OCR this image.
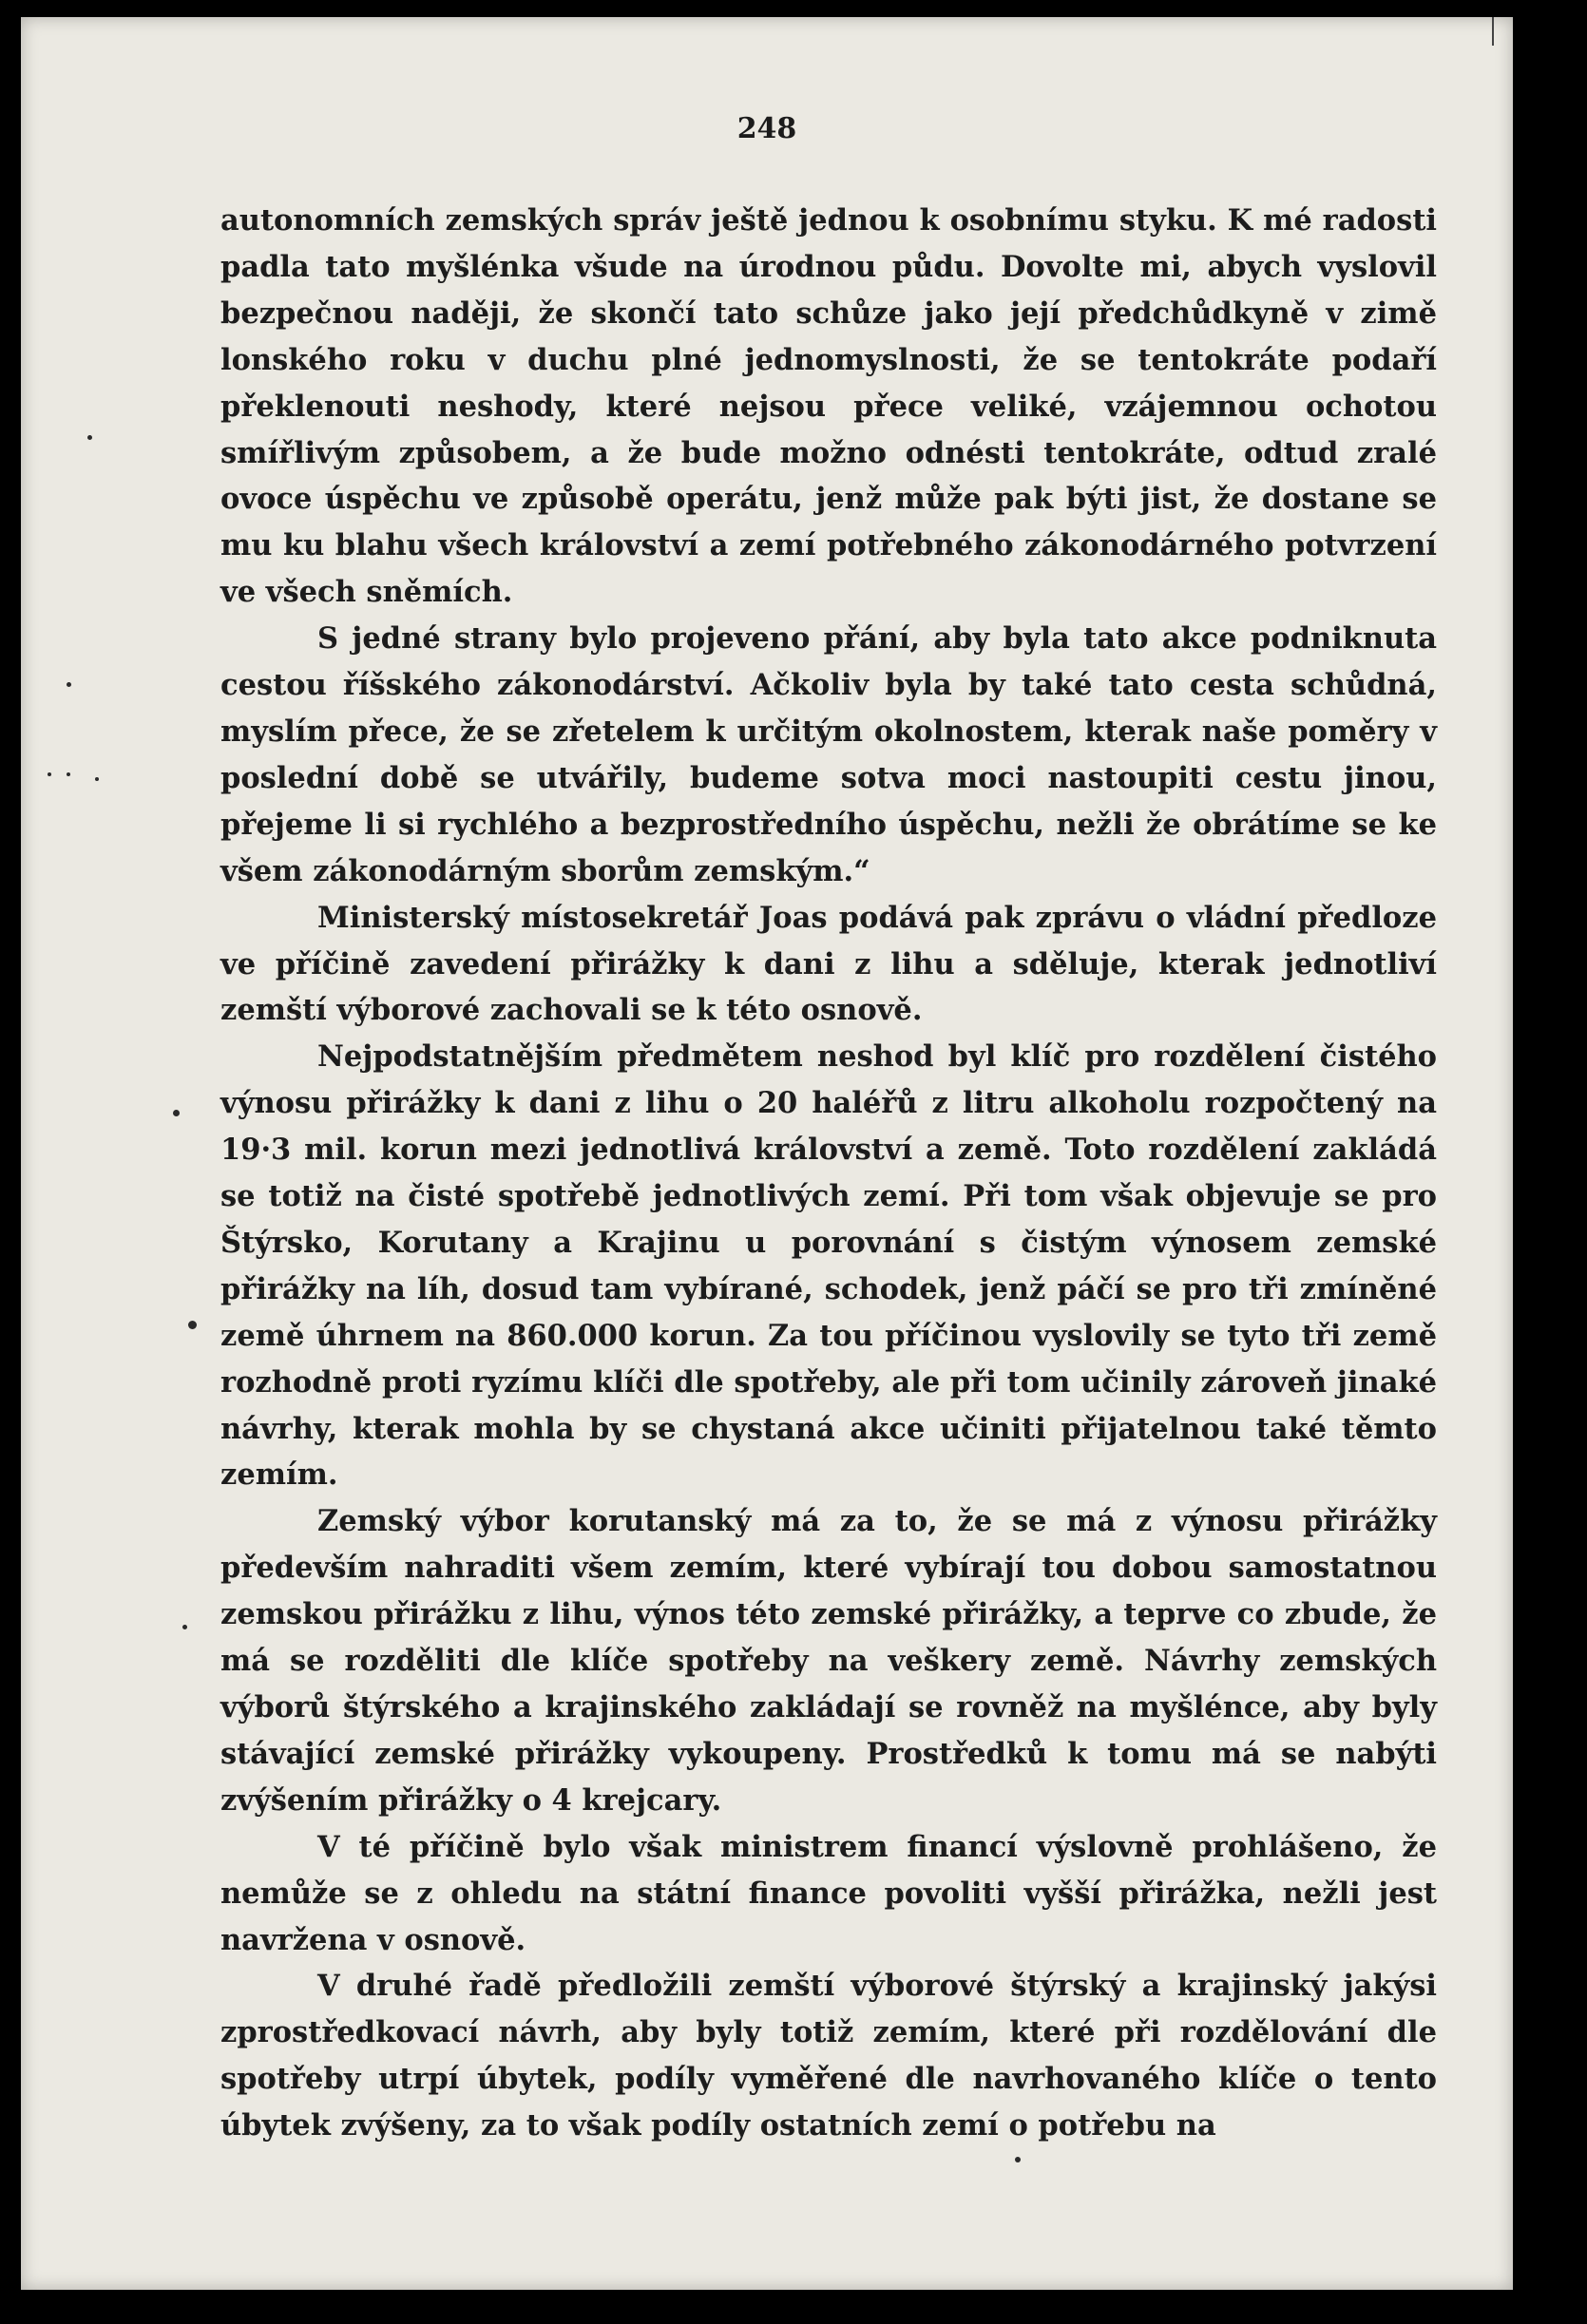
248

autonomních zemských správ ještě jednou k osobnímu styku. K mé radosti padla tato myšlénka všude na úrodnou půdu. Dovolte mi, abych vyslovil bezpečnou naději, že skončí tato schůze jako její předchůdkyně v zimě lonského roku v duchu plné jednomyslnosti, že se tentokráte podaří překlenouti neshody, které nejsou přece veliké, vzájemnou ochotou smířlivým způsobem, a že bude možno odnésti tentokráte, odtud zralé ovoce úspěchu ve způsobě operátu, jenž může pak býti jist, že dostane se mu ku blahu všech království a zemí potřebného zákonodárného potvrzení ve všech sněmích.

S jedné strany bylo projeveno přání, aby byla tato akce podniknuta cestou říšského zákonodárství. Ačkoliv byla by také tato cesta schůdná, myslím přece, že se zřetelem k určitým okolnostem, kterak naše poměry v poslední době se utvářily, budeme sotva moci nastoupiti cestu jinou, přejeme li si rychlého a bezprostředního úspěchu, nežli že obrátíme se ke všem zákonodárným sborům zemským.“

Ministerský místosekretář Joas podává pak zprávu o vládní předloze ve příčině zavedení přirážky k dani z lihu a sděluje, kterak jednotliví zemští výborové zachovali se k této osnově.

Nejpodstatnějším předmětem neshod byl klíč pro rozdělení čistého výnosu přirážky k dani z lihu o 20 haléřů z litru alkoholu rozpočtený na 19·3 mil. korun mezi jednotlivá království a země. Toto rozdělení zakládá se totiž na čisté spotřebě jednotlivých zemí. Při tom však objevuje se pro Štýrsko, Korutany a Krajinu u porovnání s čistým výnosem zemské přirážky na líh, dosud tam vybírané, schodek, jenž páčí se pro tři zmíněné země úhrnem na 860.000 korun. Za tou příčinou vyslovily se tyto tři země rozhodně proti ryzímu klíči dle spotřeby, ale při tom učinily zároveň jinaké návrhy, kterak mohla by se chystaná akce učiniti přijatelnou také těmto zemím.

Zemský výbor korutanský má za to, že se má z výnosu přirážky především nahraditi všem zemím, které vybírají tou dobou samostatnou zemskou přirážku z lihu, výnos této zemské přirážky, a teprve co zbude, že má se rozděliti dle klíče spotřeby na veškery země. Návrhy zemských výborů štýrského a krajinského zakládají se rovněž na myšlénce, aby byly stávající zemské přirážky vykoupeny. Prostředků k tomu má se nabýti zvýšením přirážky o 4 krejcary.

V té příčině bylo však ministrem financí výslovně prohlášeno, že nemůže se z ohledu na státní finance povoliti vyšší přirážka, nežli jest navržena v osnově.

V druhé řadě předložili zemští výborové štýrský a krajinský jakýsi zprostředkovací návrh, aby byly totiž zemím, které při rozdělování dle spotřeby utrpí úbytek, podíly vyměřené dle navrhovaného klíče o tento úbytek zvýšeny, za to však podíly ostatních zemí o potřebu na
